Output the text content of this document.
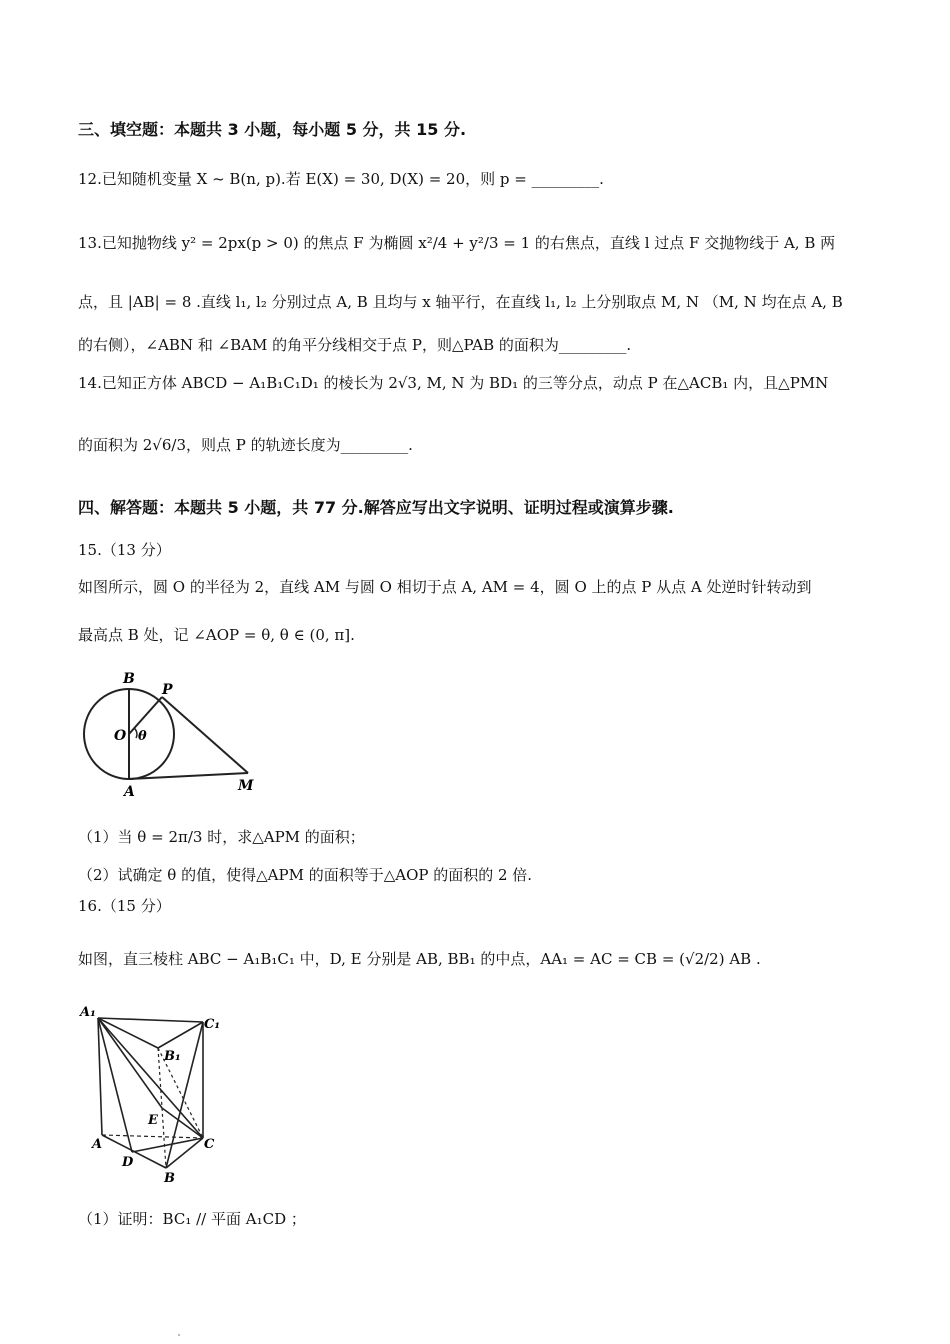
三、填空题：本题共 3 小题，每小题 5 分，共 15 分.
12.已知随机变量 X ~ B(n, p).若 E(X) = 30, D(X) = 20，则 p = _________.
13.已知抛物线 y² = 2px(p > 0) 的焦点 F 为椭圆 x²/4 + y²/3 = 1 的右焦点，直线 l 过点 F 交抛物线于 A, B 两
点，且 |AB| = 8 .直线 l₁, l₂ 分别过点 A, B 且均与 x 轴平行，在直线 l₁, l₂ 上分别取点 M, N （M, N 均在点 A, B
的右侧），∠ABN 和 ∠BAM 的角平分线相交于点 P，则△PAB 的面积为_________.
14.已知正方体 ABCD − A₁B₁C₁D₁ 的棱长为 2√3, M, N 为 BD₁ 的三等分点，动点 P 在△ACB₁ 内，且△PMN
的面积为 2√6/3，则点 P 的轨迹长度为_________.
四、解答题：本题共 5 小题，共 77 分.解答应写出文字说明、证明过程或演算步骤.
15.（13 分）
如图所示，圆 O 的半径为 2，直线 AM 与圆 O 相切于点 A, AM = 4，圆 O 上的点 P 从点 A 处逆时针转动到
最高点 B 处，记 ∠AOP = θ, θ ∈ (0, π].
B
P
O θ
A	M
（1）当 θ = 2π/3 时，求△APM 的面积；
（2）试确定 θ 的值，使得△APM 的面积等于△AOP 的面积的 2 倍.
16.（15 分）
如图，直三棱柱 ABC − A₁B₁C₁ 中，D, E 分别是 AB, BB₁ 的中点，AA₁ = AC = CB = (√2/2) AB .
A₁
C₁
B₁
E
A	C
D
B
（1）证明：BC₁ // 平面 A₁CD ；
